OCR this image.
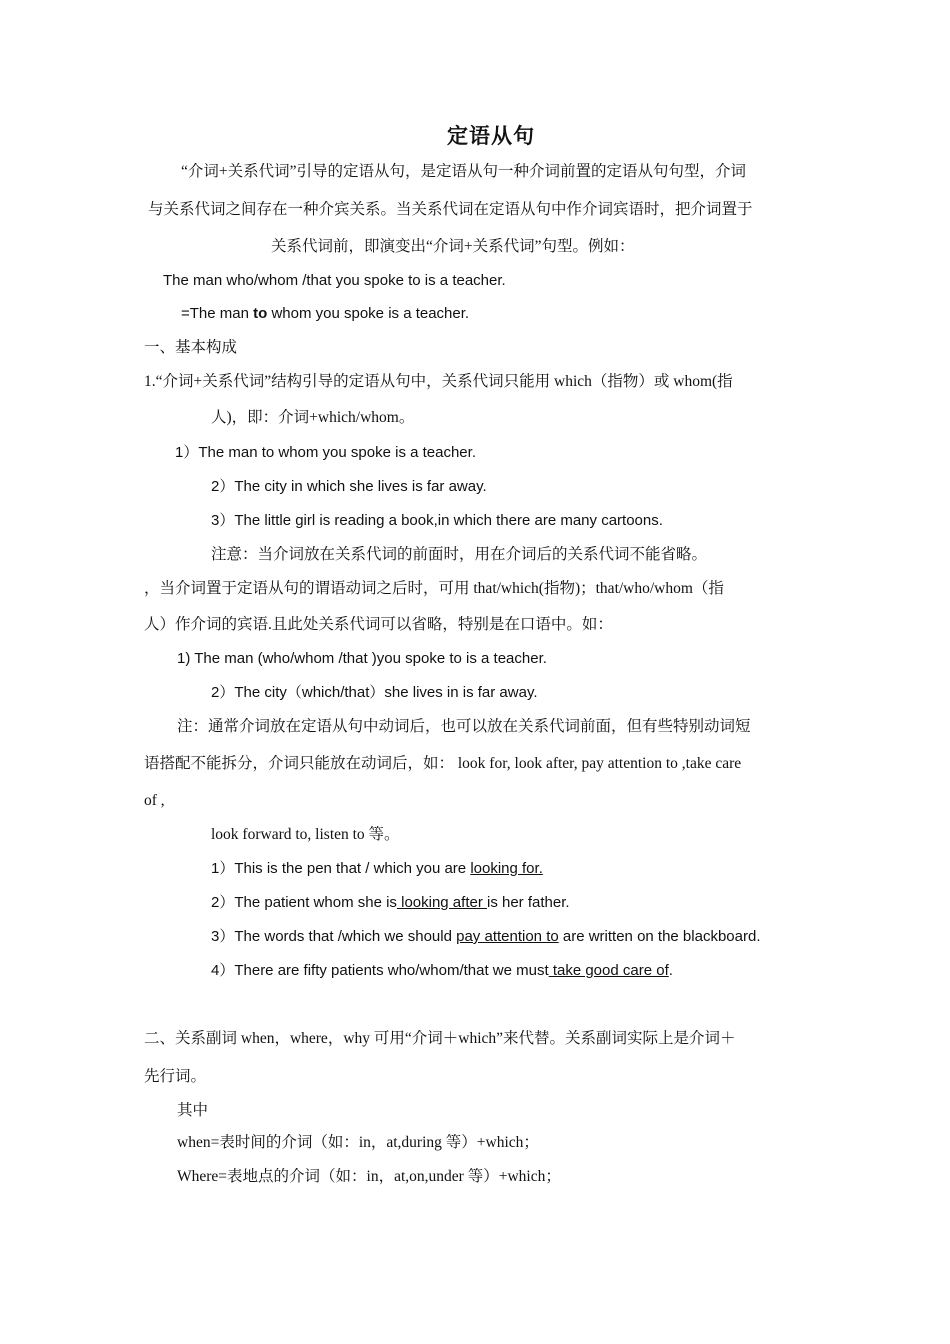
定语从句
“介词+关系代词”引导的定语从句，是定语从句一种介词前置的定语从句句型，介词
与关系代词之间存在一种介宾关系。当关系代词在定语从句中作介词宾语时，把介词置于
关系代词前，即演变出“介词+关系代词”句型。例如：
The man who/whom /that you spoke to is a teacher.
=The man to whom you spoke is a teacher.
一、基本构成
1.“介词+关系代词”结构引导的定语从句中，关系代词只能用 which（指物）或 whom(指
人)，即：介词+which/whom。
1）The man to whom you spoke is a teacher.
2）The city in which she lives is far away.
3）The little girl is reading a book,in which there are many cartoons.
注意：当介词放在关系代词的前面时，用在介词后的关系代词不能省略。
，当介词置于定语从句的谓语动词之后时，可用 that/which(指物)；that/who/whom（指
人）作介词的宾语.且此处关系代词可以省略，特别是在口语中。如：
1) The man (who/whom /that )you spoke to is a teacher.
2）The city（which/that）she lives in is far away.
注：通常介词放在定语从句中动词后，也可以放在关系代词前面，但有些特别动词短
语搭配不能拆分，介词只能放在动词后，如： look for, look after, pay attention to ,take care
of ,
look forward to, listen to 等。
1）This is the pen that / which you are looking for.
2）The patient whom she is looking after is her father.
3）The words that /which we should pay attention to are written on the blackboard.
4）There are fifty patients who/whom/that we must take good care of.
二、关系副词 when，where，why 可用“介词＋which”来代替。关系副词实际上是介词＋
先行词。
其中
when=表时间的介词（如：in，at,during 等）+which；
Where=表地点的介词（如：in，at,on,under 等）+which；
